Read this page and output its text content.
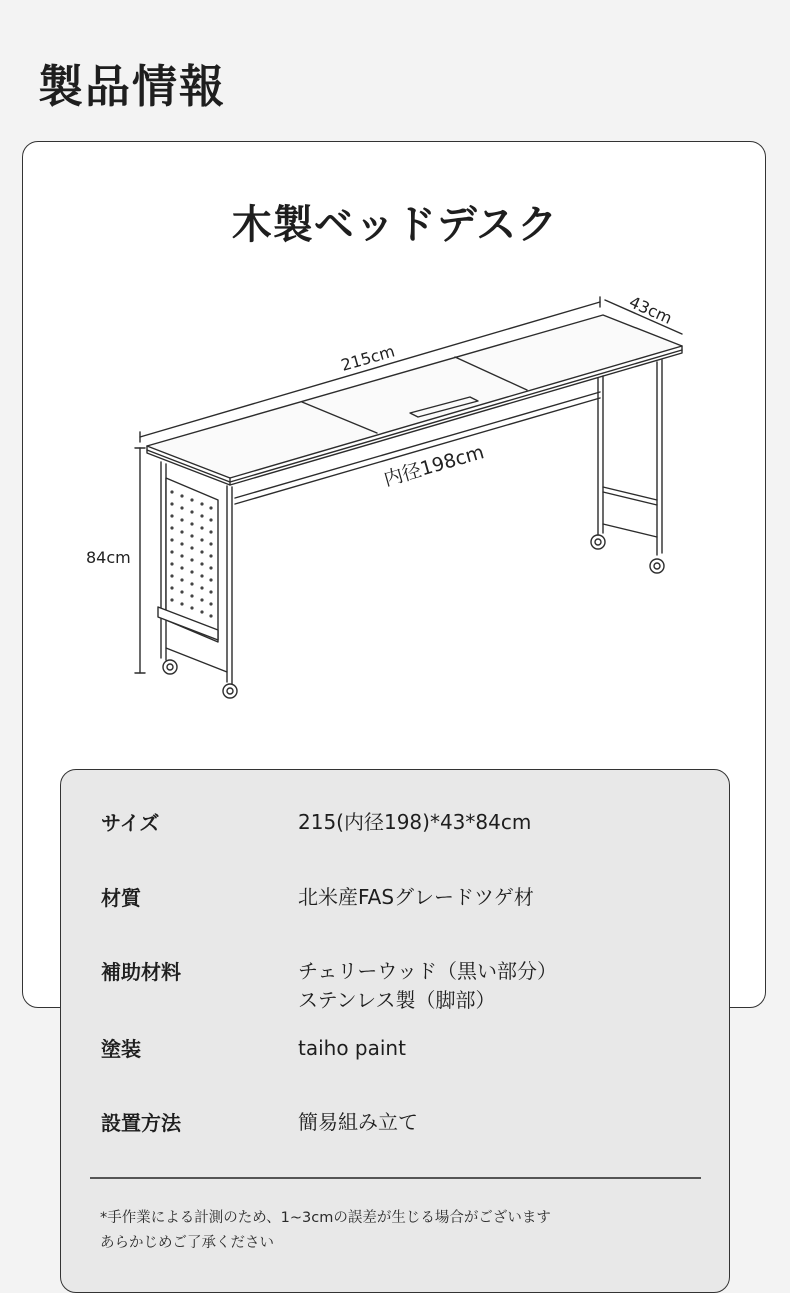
製品情報
木製ベッドデスク
215cm
43cm
内径198cm
84cm
サイズ	215(内径198)*43*84cm
材質	北米産FASグレードツゲ材
補助材料	チェリーウッド（黒い部分）
ステンレス製（脚部）
塗装	taiho paint
設置方法	簡易組み立て
*手作業による計測のため、1~3cmの誤差が生じる場合がございます
あらかじめご了承ください
